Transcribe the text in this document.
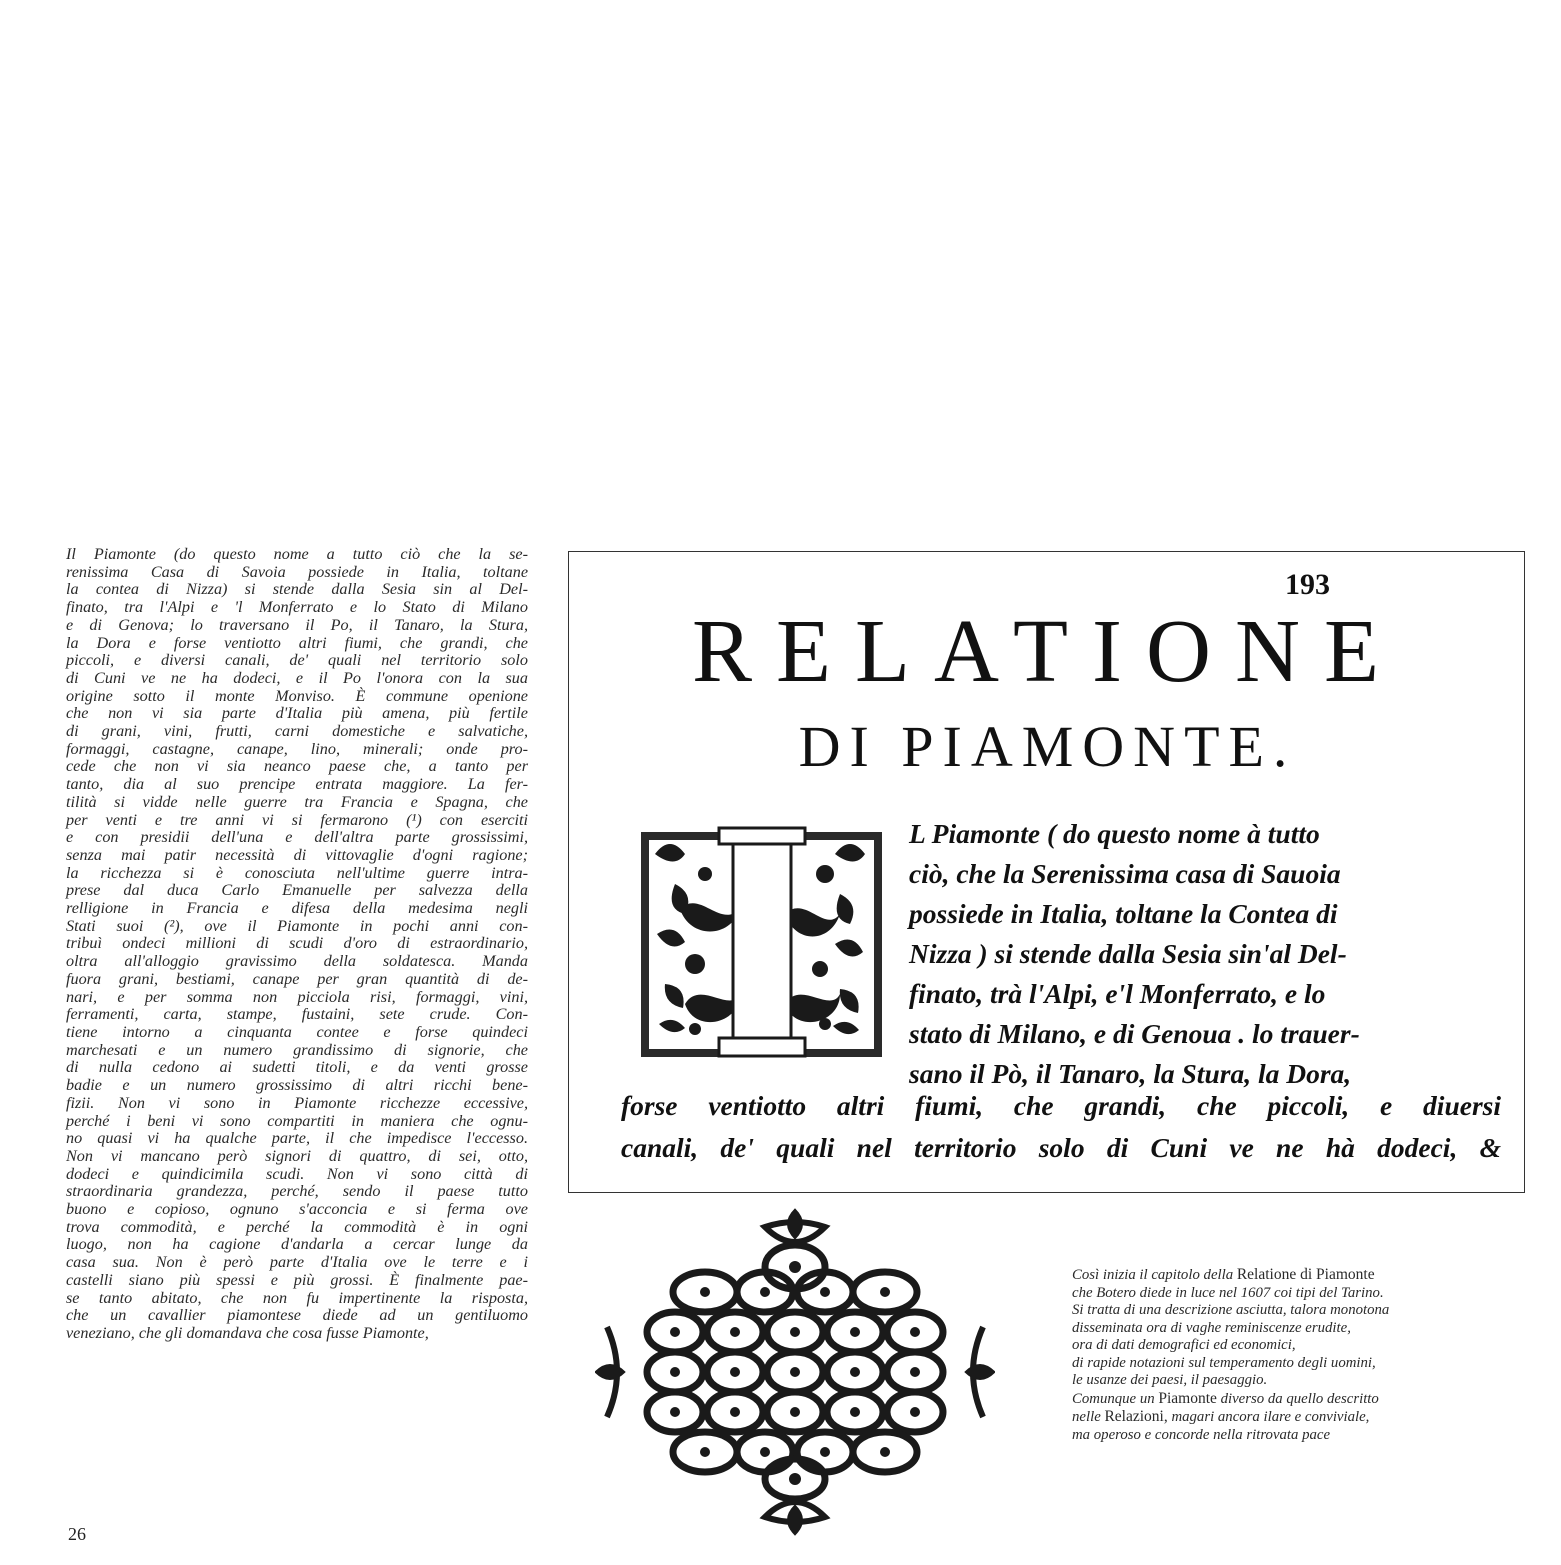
Il Piamonte (do questo nome a tutto ciò che la se-
renissima Casa di Savoia possiede in Italia, toltane
la contea di Nizza) si stende dalla Sesia sin al Del-
finato, tra l'Alpi e 'l Monferrato e lo Stato di Milano
e di Genova; lo traversano il Po, il Tanaro, la Stura,
la Dora e forse ventiotto altri fiumi, che grandi, che
piccoli, e diversi canali, de' quali nel territorio solo
di Cuni ve ne ha dodeci, e il Po l'onora con la sua
origine sotto il monte Monviso. È commune openione
che non vi sia parte d'Italia più amena, più fertile
di grani, vini, frutti, carni domestiche e salvatiche,
formaggi, castagne, canape, lino, minerali; onde pro-
cede che non vi sia neanco paese che, a tanto per
tanto, dia al suo prencipe entrata maggiore. La fer-
tilità si vidde nelle guerre tra Francia e Spagna, che
per venti e tre anni vi si fermarono (¹) con eserciti
e con presidii dell'una e dell'altra parte grossissimi,
senza mai patir necessità di vittovaglie d'ogni ragione;
la ricchezza si è conosciuta nell'ultime guerre intra-
prese dal duca Carlo Emanuelle per salvezza della
relligione in Francia e difesa della medesima negli
Stati suoi (²), ove il Piamonte in pochi anni con-
tribuì ondeci millioni di scudi d'oro di estraordinario,
oltra all'alloggio gravissimo della soldatesca. Manda
fuora grani, bestiami, canape per gran quantità di de-
nari, e per somma non picciola risi, formaggi, vini,
ferramenti, carta, stampe, fustaini, sete crude. Con-
tiene intorno a cinquanta contee e forse quindeci
marchesati e un numero grandissimo di signorie, che
di nulla cedono ai sudetti titoli, e da venti grosse
badie e un numero grossissimo di altri ricchi bene-
fizii. Non vi sono in Piamonte ricchezze eccessive,
perché i beni vi sono compartiti in maniera che ognu-
no quasi vi ha qualche parte, il che impedisce l'eccesso.
Non vi mancano però signori di quattro, di sei, otto,
dodeci e quindicimila scudi. Non vi sono città di
straordinaria grandezza, perché, sendo il paese tutto
buono e copioso, ognuno s'acconcia e si ferma ove
trova commodità, e perché la commodità è in ogni
luogo, non ha cagione d'andarla a cercar lunge da
casa sua. Non è però parte d'Italia ove le terre e i
castelli siano più spessi e più grossi. È finalmente pae-
se tanto abitato, che non fu impertinente la risposta,
che un cavallier piamontese diede ad un gentiluomo
veneziano, che gli domandava che cosa fusse Piamonte,
26
193
RELATIONE
DI PIAMONTE.
L Piamonte ( do questo nome à tutto
ciò, che la Serenissima casa di Sauoia
possiede in Italia, toltane la Contea di
Nizza ) si stende dalla Sesia sin'al Del-
finato, trà l'Alpi, e'l Monferrato, e lo
stato di Milano, e di Genoua . lo trauer-
sano il Pò, il Tanaro, la Stura, la Dora,
forse ventiotto altri fiumi, che grandi, che piccoli, e diuersi
canali, de' quali nel territorio solo di Cuni ve ne hà dodeci, &
Così inizia il capitolo della Relatione di Piamonte
che Botero diede in luce nel 1607 coi tipi del Tarino.
Si tratta di una descrizione asciutta, talora monotona
disseminata ora di vaghe reminiscenze erudite,
ora di dati demografici ed economici,
di rapide notazioni sul temperamento degli uomini,
le usanze dei paesi, il paesaggio.
Comunque un Piamonte diverso da quello descritto
nelle Relazioni, magari ancora ilare e conviviale,
ma operoso e concorde nella ritrovata pace
